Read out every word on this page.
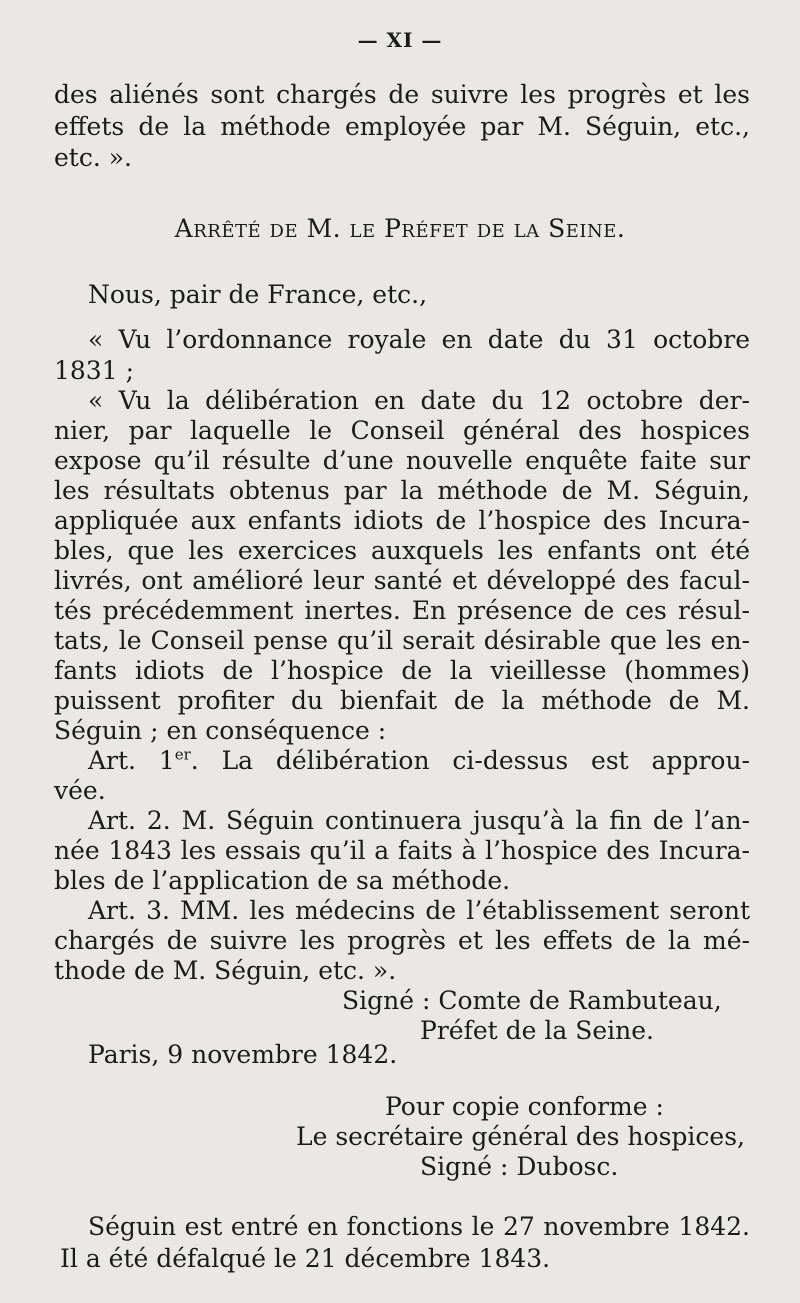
— XI —
des aliénés sont chargés de suivre les progrès et les
effets de la méthode employée par M. Séguin, etc.,
etc. ».
Arrêté de M. le Préfet de la Seine.
Nous, pair de France, etc.,
« Vu l’ordonnance royale en date du 31 octobre
1831 ;
« Vu la délibération en date du 12 octobre der-
nier, par laquelle le Conseil général des hospices
expose qu’il résulte d’une nouvelle enquête faite sur
les résultats obtenus par la méthode de M. Séguin,
appliquée aux enfants idiots de l’hospice des Incura-
bles, que les exercices auxquels les enfants ont été
livrés, ont amélioré leur santé et développé des facul-
tés précédemment inertes. En présence de ces résul-
tats, le Conseil pense qu’il serait désirable que les en-
fants idiots de l’hospice de la vieillesse (hommes)
puissent profiter du bienfait de la méthode de M.
Séguin ; en conséquence :
Art. 1er. La délibération ci-dessus est approu-
vée.
Art. 2. M. Séguin continuera jusqu’à la fin de l’an-
née 1843 les essais qu’il a faits à l’hospice des Incura-
bles de l’application de sa méthode.
Art. 3. MM. les médecins de l’établissement seront
chargés de suivre les progrès et les effets de la mé-
thode de M. Séguin, etc. ».
Signé : Comte de Rambuteau,
Préfet de la Seine.
Paris, 9 novembre 1842.
Pour copie conforme :
Le secrétaire général des hospices,
Signé : Dubosc.
Séguin est entré en fonctions le 27 novembre 1842.
Il a été défalqué le 21 décembre 1843.
